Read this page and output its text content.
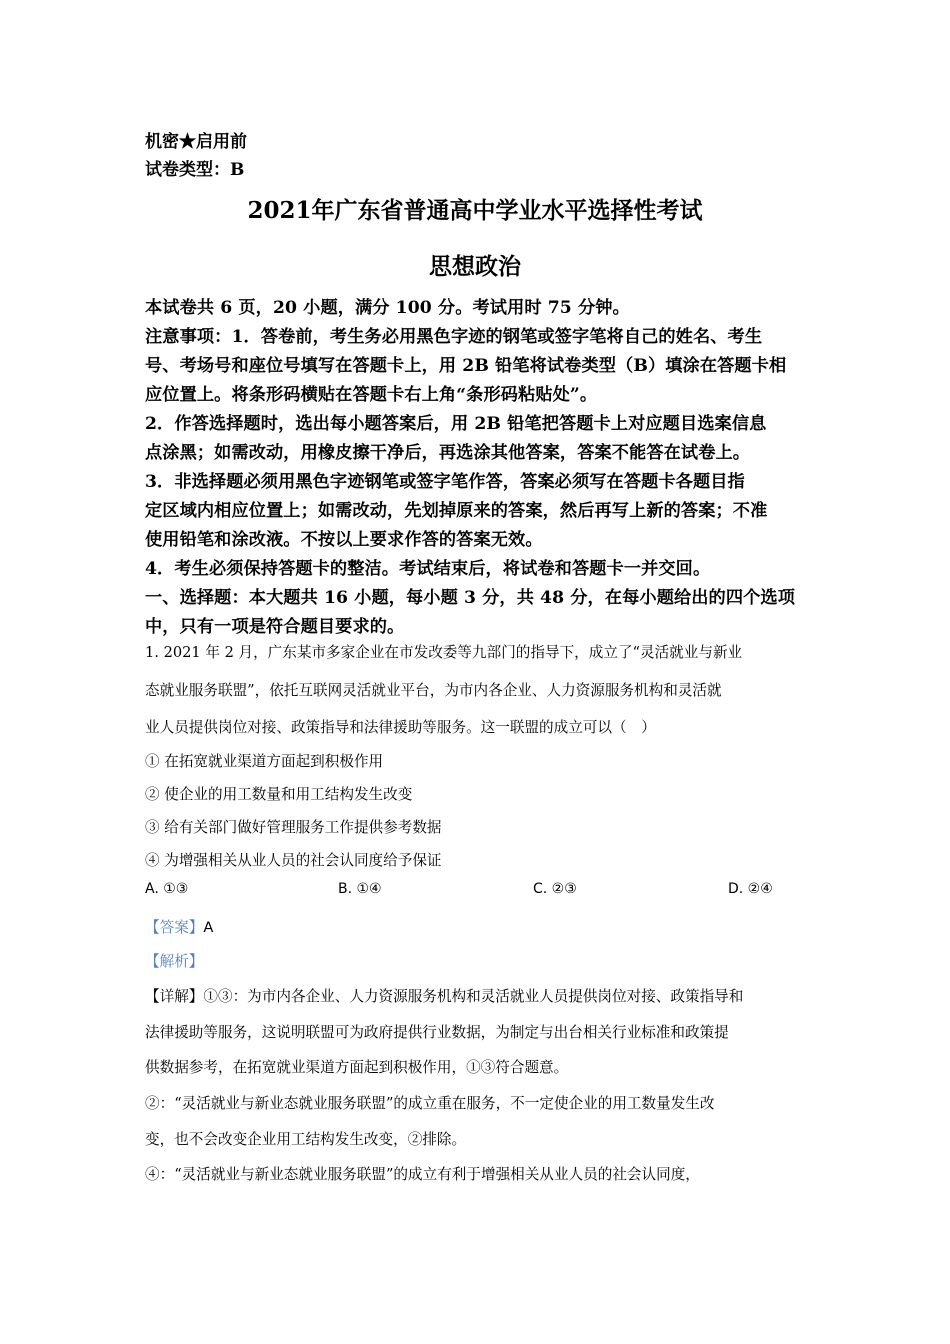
机密★启用前
试卷类型：B
2021年广东省普通高中学业水平选择性考试
思想政治
本试卷共 6 页，20 小题，满分 100 分。考试用时 75 分钟。
注意事项：1．答卷前，考生务必用黑色字迹的钢笔或签字笔将自己的姓名、考生
号、考场号和座位号填写在答题卡上，用 2B 铅笔将试卷类型（B）填涂在答题卡相
应位置上。将条形码横贴在答题卡右上角“条形码粘贴处”。
2．作答选择题时，选出每小题答案后，用 2B 铅笔把答题卡上对应题目选案信息
点涂黑；如需改动，用橡皮擦干净后，再选涂其他答案，答案不能答在试卷上。
3．非选择题必须用黑色字迹钢笔或签字笔作答，答案必须写在答题卡各题目指
定区域内相应位置上；如需改动，先划掉原来的答案，然后再写上新的答案；不准
使用铅笔和涂改液。不按以上要求作答的答案无效。
4．考生必须保持答题卡的整洁。考试结束后，将试卷和答题卡一并交回。
一、选择题：本大题共 16 小题，每小题 3 分，共 48 分，在每小题给出的四个选项
中，只有一项是符合题目要求的。
1. 2021 年 2 月，广东某市多家企业在市发改委等九部门的指导下，成立了“灵活就业与新业
态就业服务联盟”，依托互联网灵活就业平台，为市内各企业、人力资源服务机构和灵活就
业人员提供岗位对接、政策指导和法律援助等服务。这一联盟的成立可以（　）
① 在拓宽就业渠道方面起到积极作用
② 使企业的用工数量和用工结构发生改变
③ 给有关部门做好管理服务工作提供参考数据
④ 为增强相关从业人员的社会认同度给予保证
A. ①③	B. ①④	C. ②③	D. ②④
【答案】A
【解析】
【详解】①③：为市内各企业、人力资源服务机构和灵活就业人员提供岗位对接、政策指导和
法律援助等服务，这说明联盟可为政府提供行业数据，为制定与出台相关行业标准和政策提
供数据参考，在拓宽就业渠道方面起到积极作用，①③符合题意。
②：“灵活就业与新业态就业服务联盟”的成立重在服务，不一定使企业的用工数量发生改
变，也不会改变企业用工结构发生改变，②排除。
④：“灵活就业与新业态就业服务联盟”的成立有利于增强相关从业人员的社会认同度，
